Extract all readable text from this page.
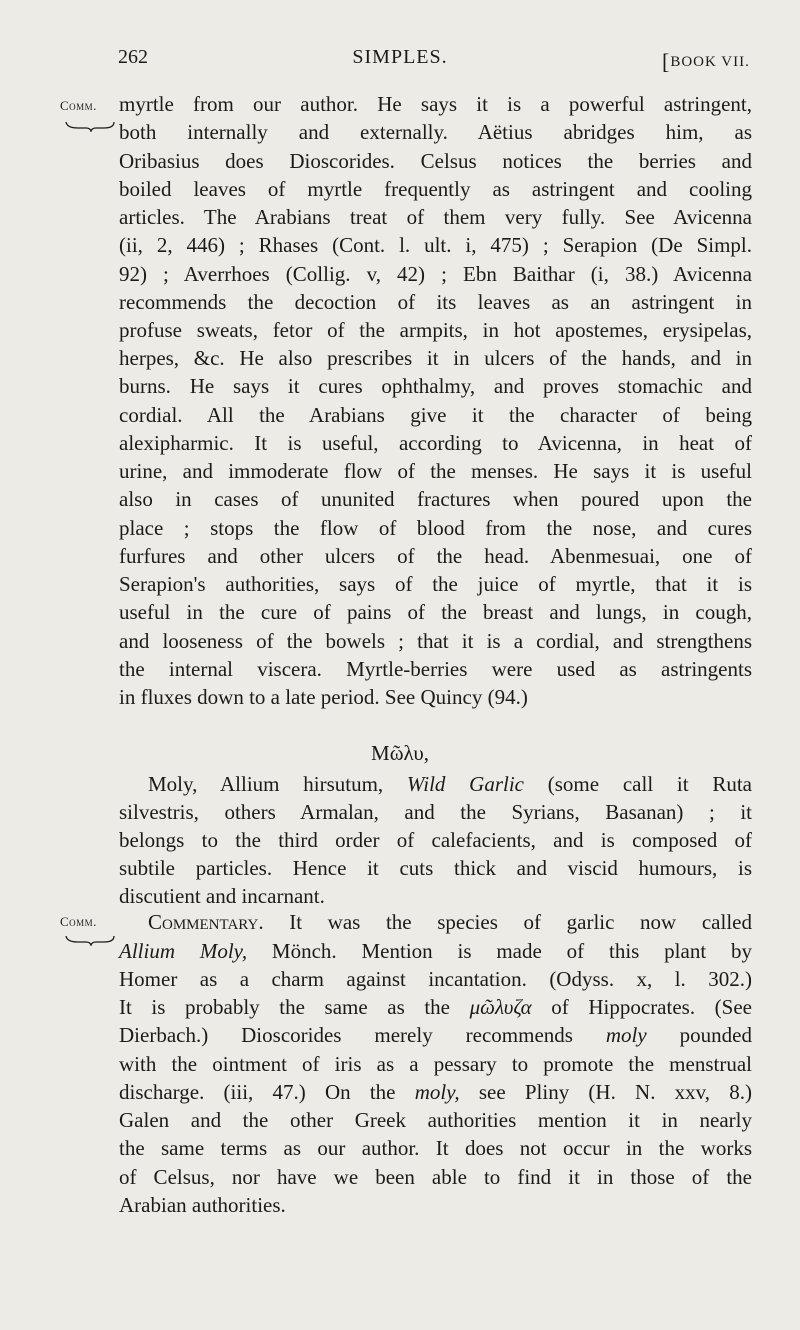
262	SIMPLES.	[BOOK VII.
Comm. myrtle from our author. He says it is a powerful astringent,
both internally and externally. Aëtius abridges him, as
Oribasius does Dioscorides. Celsus notices the berries and
boiled leaves of myrtle frequently as astringent and cooling
articles. The Arabians treat of them very fully. See Avicenna
(ii, 2, 446) ; Rhases (Cont. l. ult. i, 475) ; Serapion (De Simpl.
92) ; Averrhoes (Collig. v, 42) ; Ebn Baithar (i, 38.) Avicenna
recommends the decoction of its leaves as an astringent in
profuse sweats, fetor of the armpits, in hot apostemes, erysipelas,
herpes, &c. He also prescribes it in ulcers of the hands, and in
burns. He says it cures ophthalmy, and proves stomachic and
cordial. All the Arabians give it the character of being
alexipharmic. It is useful, according to Avicenna, in heat of
urine, and immoderate flow of the menses. He says it is useful
also in cases of ununited fractures when poured upon the
place ; stops the flow of blood from the nose, and cures
furfures and other ulcers of the head. Abenmesuai, one of
Serapion's authorities, says of the juice of myrtle, that it is
useful in the cure of pains of the breast and lungs, in cough,
and looseness of the bowels ; that it is a cordial, and strengthens
the internal viscera. Myrtle-berries were used as astringents
in fluxes down to a late period. See Quincy (94.)
Μῶλυ,
Moly, Allium hirsutum, Wild Garlic (some call it Ruta
silvestris, others Armalan, and the Syrians, Basanan) ; it
belongs to the third order of calefacients, and is composed of
subtile particles. Hence it cuts thick and viscid humours, is
discutient and incarnant.
Comm. Commentary. It was the species of garlic now called
Allium Moly, Mönch. Mention is made of this plant by
Homer as a charm against incantation. (Odyss. x, l. 302.)
It is probably the same as the μῶλυζα of Hippocrates. (See
Dierbach.) Dioscorides merely recommends moly pounded
with the ointment of iris as a pessary to promote the menstrual
discharge. (iii, 47.) On the moly, see Pliny (H. N. xxv, 8.)
Galen and the other Greek authorities mention it in nearly
the same terms as our author. It does not occur in the works
of Celsus, nor have we been able to find it in those of the
Arabian authorities.
